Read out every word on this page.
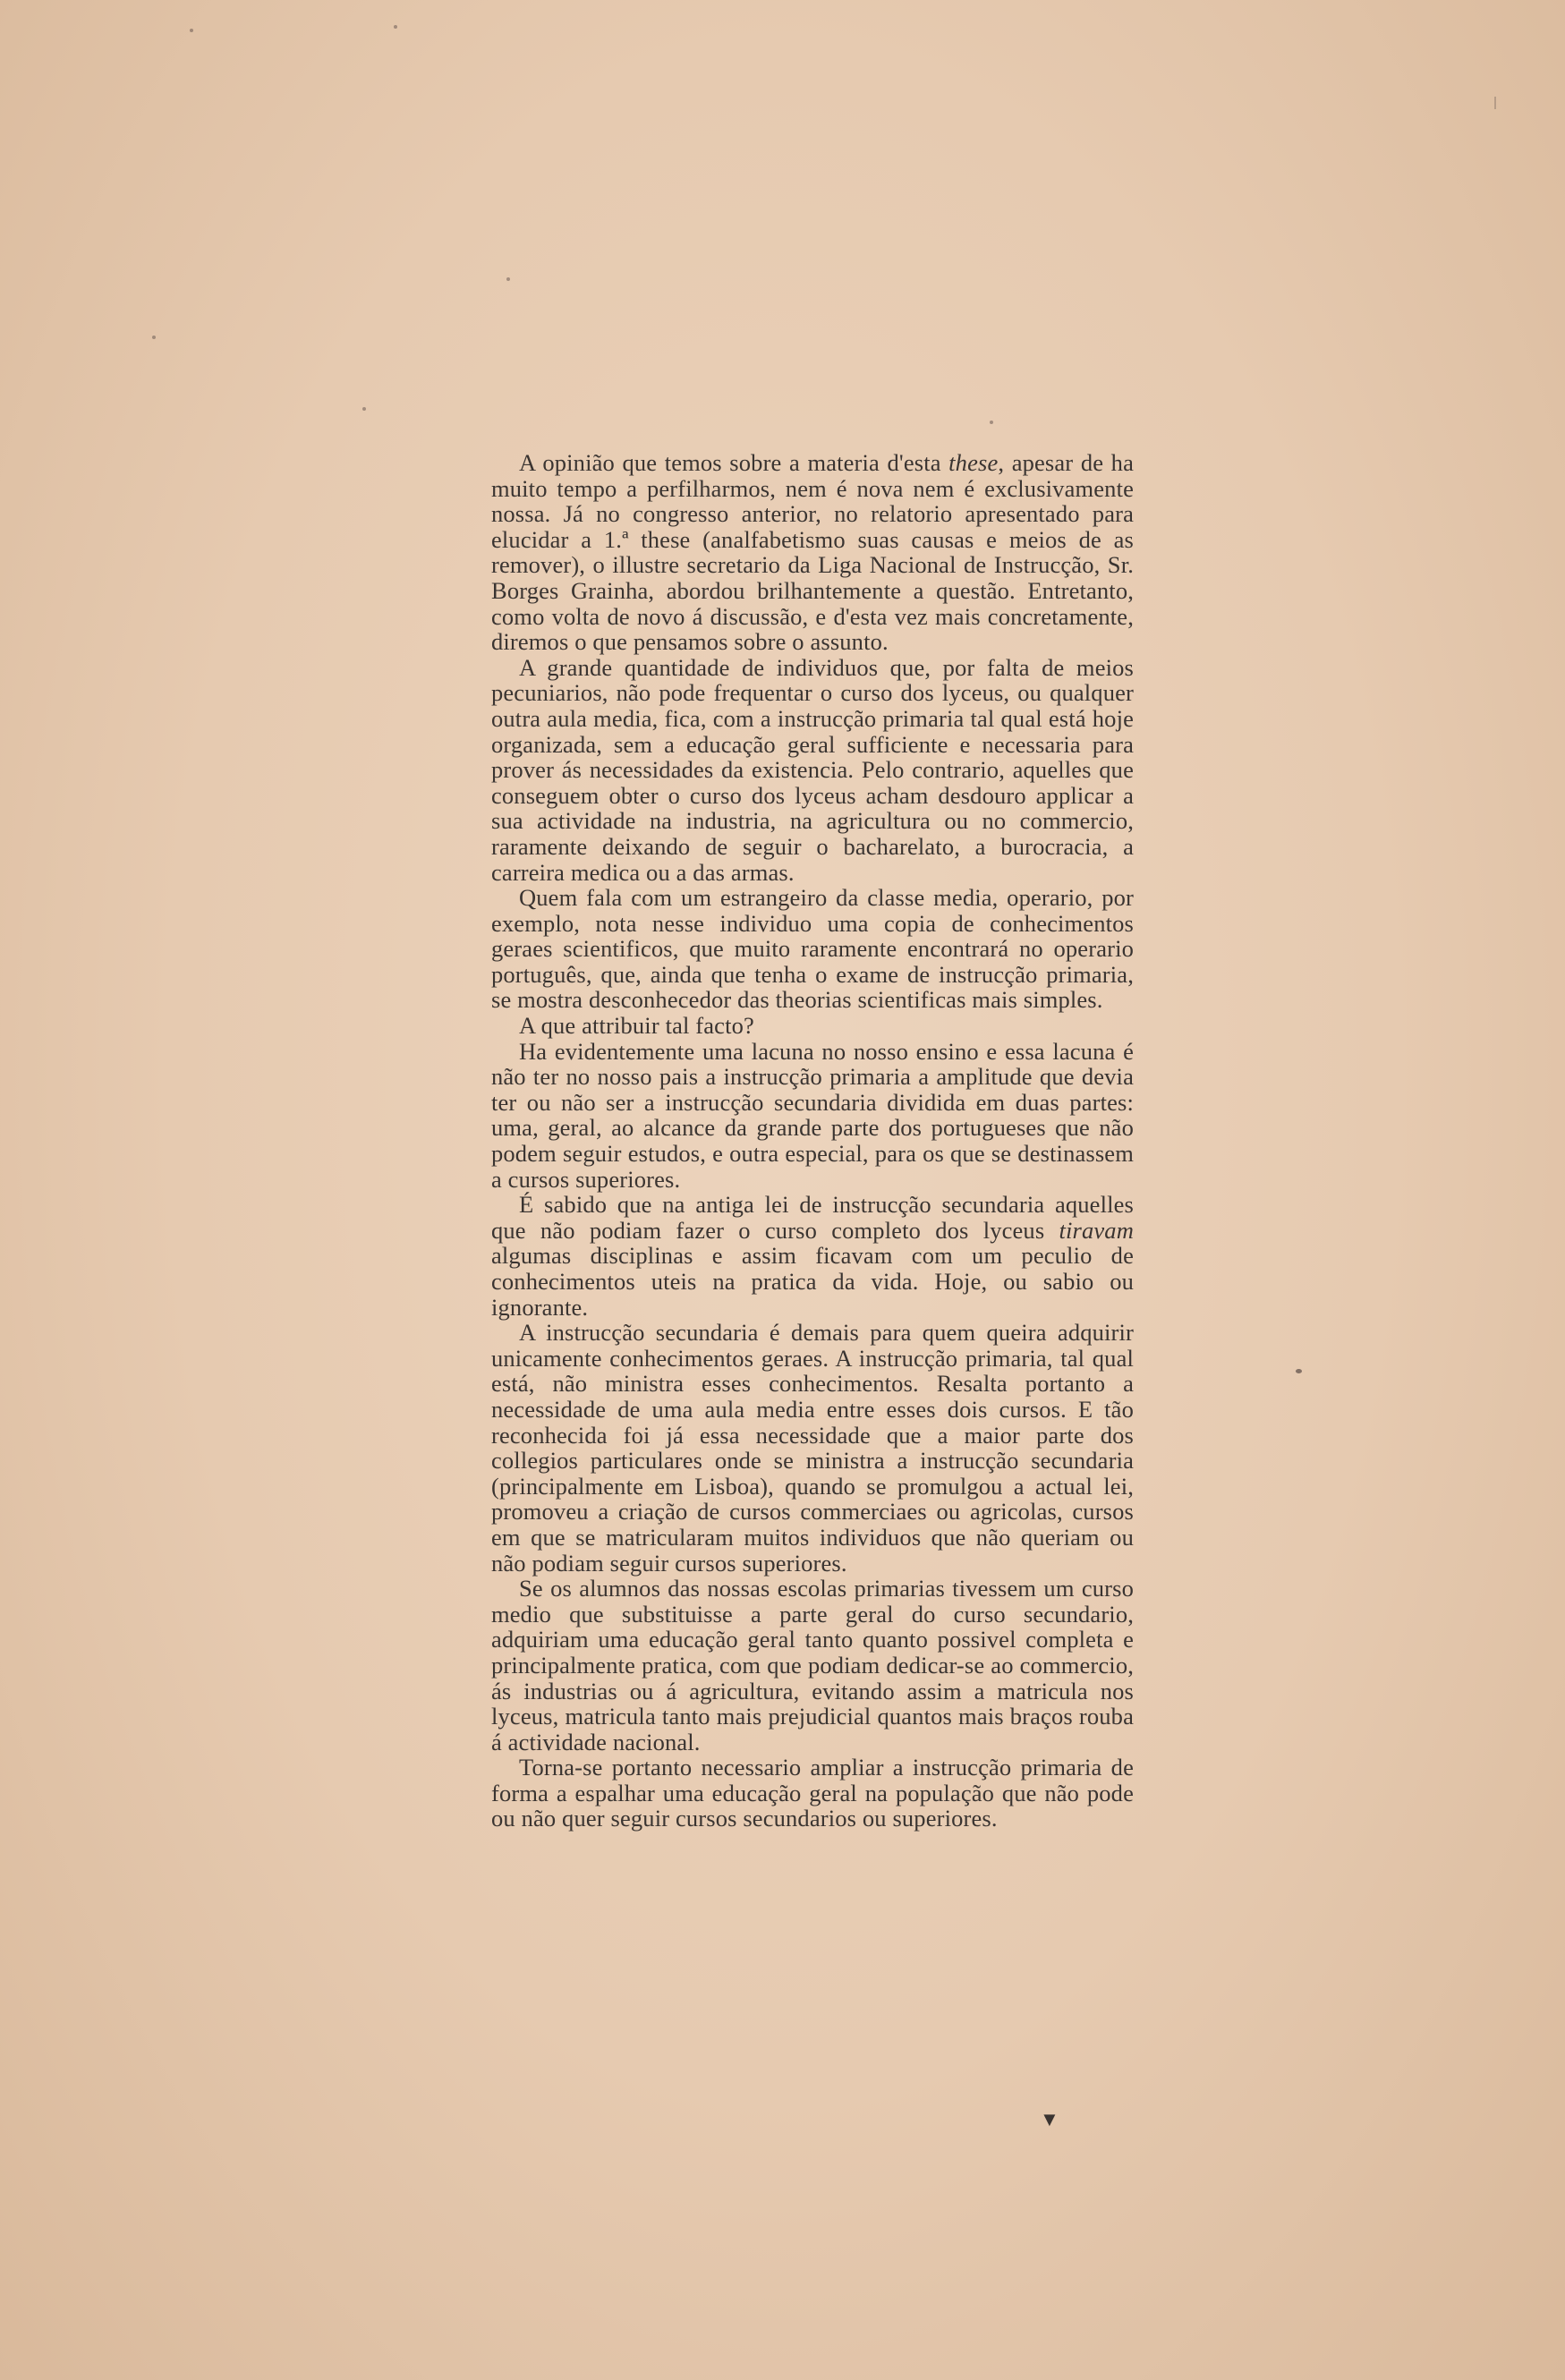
A opinião que temos sobre a materia d'esta these, apesar de ha muito tempo a perfilharmos, nem é nova nem é exclusivamente nossa. Já no congresso anterior, no relatorio apresentado para elucidar a 1.ª these (analfabetismo suas causas e meios de as remover), o illustre secretario da Liga Nacional de Instrucção, Sr. Borges Grainha, abordou brilhantemente a questão. Entretanto, como volta de novo á discussão, e d'esta vez mais concretamente, diremos o que pensamos sobre o assunto.

A grande quantidade de individuos que, por falta de meios pecuniarios, não pode frequentar o curso dos lyceus, ou qualquer outra aula media, fica, com a instrucção primaria tal qual está hoje organizada, sem a educação geral sufficiente e necessaria para prover ás necessidades da existencia. Pelo contrario, aquelles que conseguem obter o curso dos lyceus acham desdouro applicar a sua actividade na industria, na agricultura ou no commercio, raramente deixando de seguir o bacharelato, a burocracia, a carreira medica ou a das armas.

Quem fala com um estrangeiro da classe media, operario, por exemplo, nota nesse individuo uma copia de conhecimentos geraes scientificos, que muito raramente encontrará no operario português, que, ainda que tenha o exame de instrucção primaria, se mostra desconhecedor das theorias scientificas mais simples.

A que attribuir tal facto?

Ha evidentemente uma lacuna no nosso ensino e essa lacuna é não ter no nosso pais a instrucção primaria a amplitude que devia ter ou não ser a instrucção secundaria dividida em duas partes: uma, geral, ao alcance da grande parte dos portugueses que não podem seguir estudos, e outra especial, para os que se destinassem a cursos superiores.

É sabido que na antiga lei de instrucção secundaria aquelles que não podiam fazer o curso completo dos lyceus tiravam algumas disciplinas e assim ficavam com um peculio de conhecimentos uteis na pratica da vida. Hoje, ou sabio ou ignorante.

A instrucção secundaria é demais para quem queira adquirir unicamente conhecimentos geraes. A instrucção primaria, tal qual está, não ministra esses conhecimentos. Resalta portanto a necessidade de uma aula media entre esses dois cursos. E tão reconhecida foi já essa necessidade que a maior parte dos collegios particulares onde se ministra a instrucção secundaria (principalmente em Lisboa), quando se promulgou a actual lei, promoveu a criação de cursos commerciaes ou agricolas, cursos em que se matricularam muitos individuos que não queriam ou não podiam seguir cursos superiores.

Se os alumnos das nossas escolas primarias tivessem um curso medio que substituisse a parte geral do curso secundario, adquiriam uma educação geral tanto quanto possivel completa e principalmente pratica, com que podiam dedicar-se ao commercio, ás industrias ou á agricultura, evitando assim a matricula nos lyceus, matricula tanto mais prejudicial quantos mais braços rouba á actividade nacional.

Torna-se portanto necessario ampliar a instrucção primaria de forma a espalhar uma educação geral na população que não pode ou não quer seguir cursos secundarios ou superiores.

▼
